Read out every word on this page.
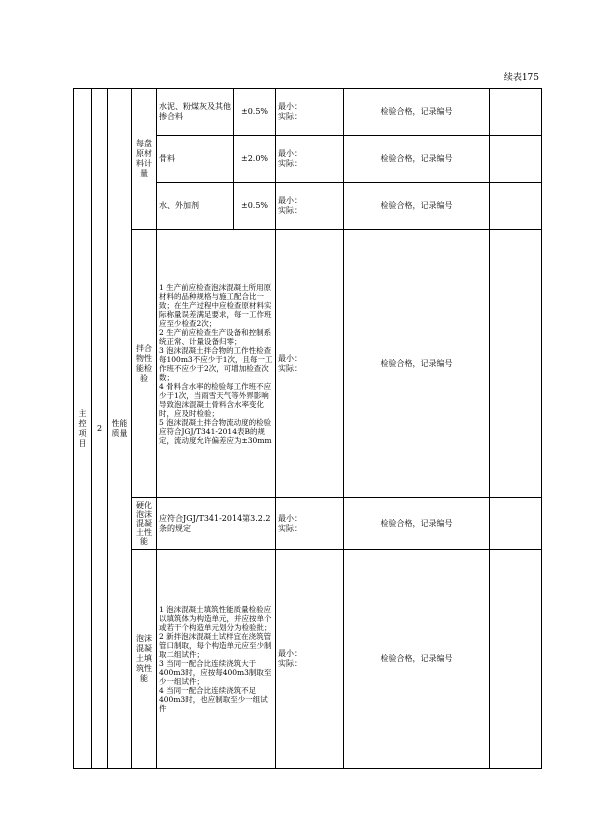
续表175
主控项目	2	性能质量	每盘原材料计量	水泥、粉煤灰及其他掺合料	±0.5%	最小：
实际：	检验合格，记录编号	
				骨料	±2.0%	最小：
实际：	检验合格，记录编号	
				水、外加剂	±0.5%	最小：
实际：	检验合格，记录编号	
			拌合物性能检验	1 生产前应检查泡沫混凝土所用原材料的品种规格与施工配合比一致；在生产过程中应检查原材料实际称量误差满足要求，每一工作班应至少检查2次；
2 生产前应检查生产设备和控制系统正常、计量设备归零；
3 泡沫混凝土拌合物的工作性检查每100m3不应少于1次，且每一工作班不应少于2次，可增加检查次数；
4 骨料含水率的检验每工作班不应少于1次，当雨雪天气等外界影响导致泡沫混凝土骨料含水率变化时，应及时检验；
5 泡沫混凝土拌合物流动度的检验应符合JGJ/T341-2014表B的规定，流动度允许偏差应为±30mm		最小：
实际：	检验合格，记录编号	
			硬化泡沫混凝土性能	应符合JGJ/T341-2014第3.2.2条的规定		最小：
实际：	检验合格，记录编号	
			泡沫混凝土填筑性能	1 泡沫混凝土填筑性能质量检验应以填筑体为构造单元，并应按单个或若干个构造单元划分为检验批；
2 新拌泡沫混凝土试样宜在浇筑管管口制取，每个构造单元应至少制取二组试件；
3 当同一配合比连续浇筑大于400m3时，应按每400m3制取至少一组试件；
4 当同一配合比连续浇筑不足400m3时，也应制取至少一组试件		最小：
实际：	检验合格，记录编号	
